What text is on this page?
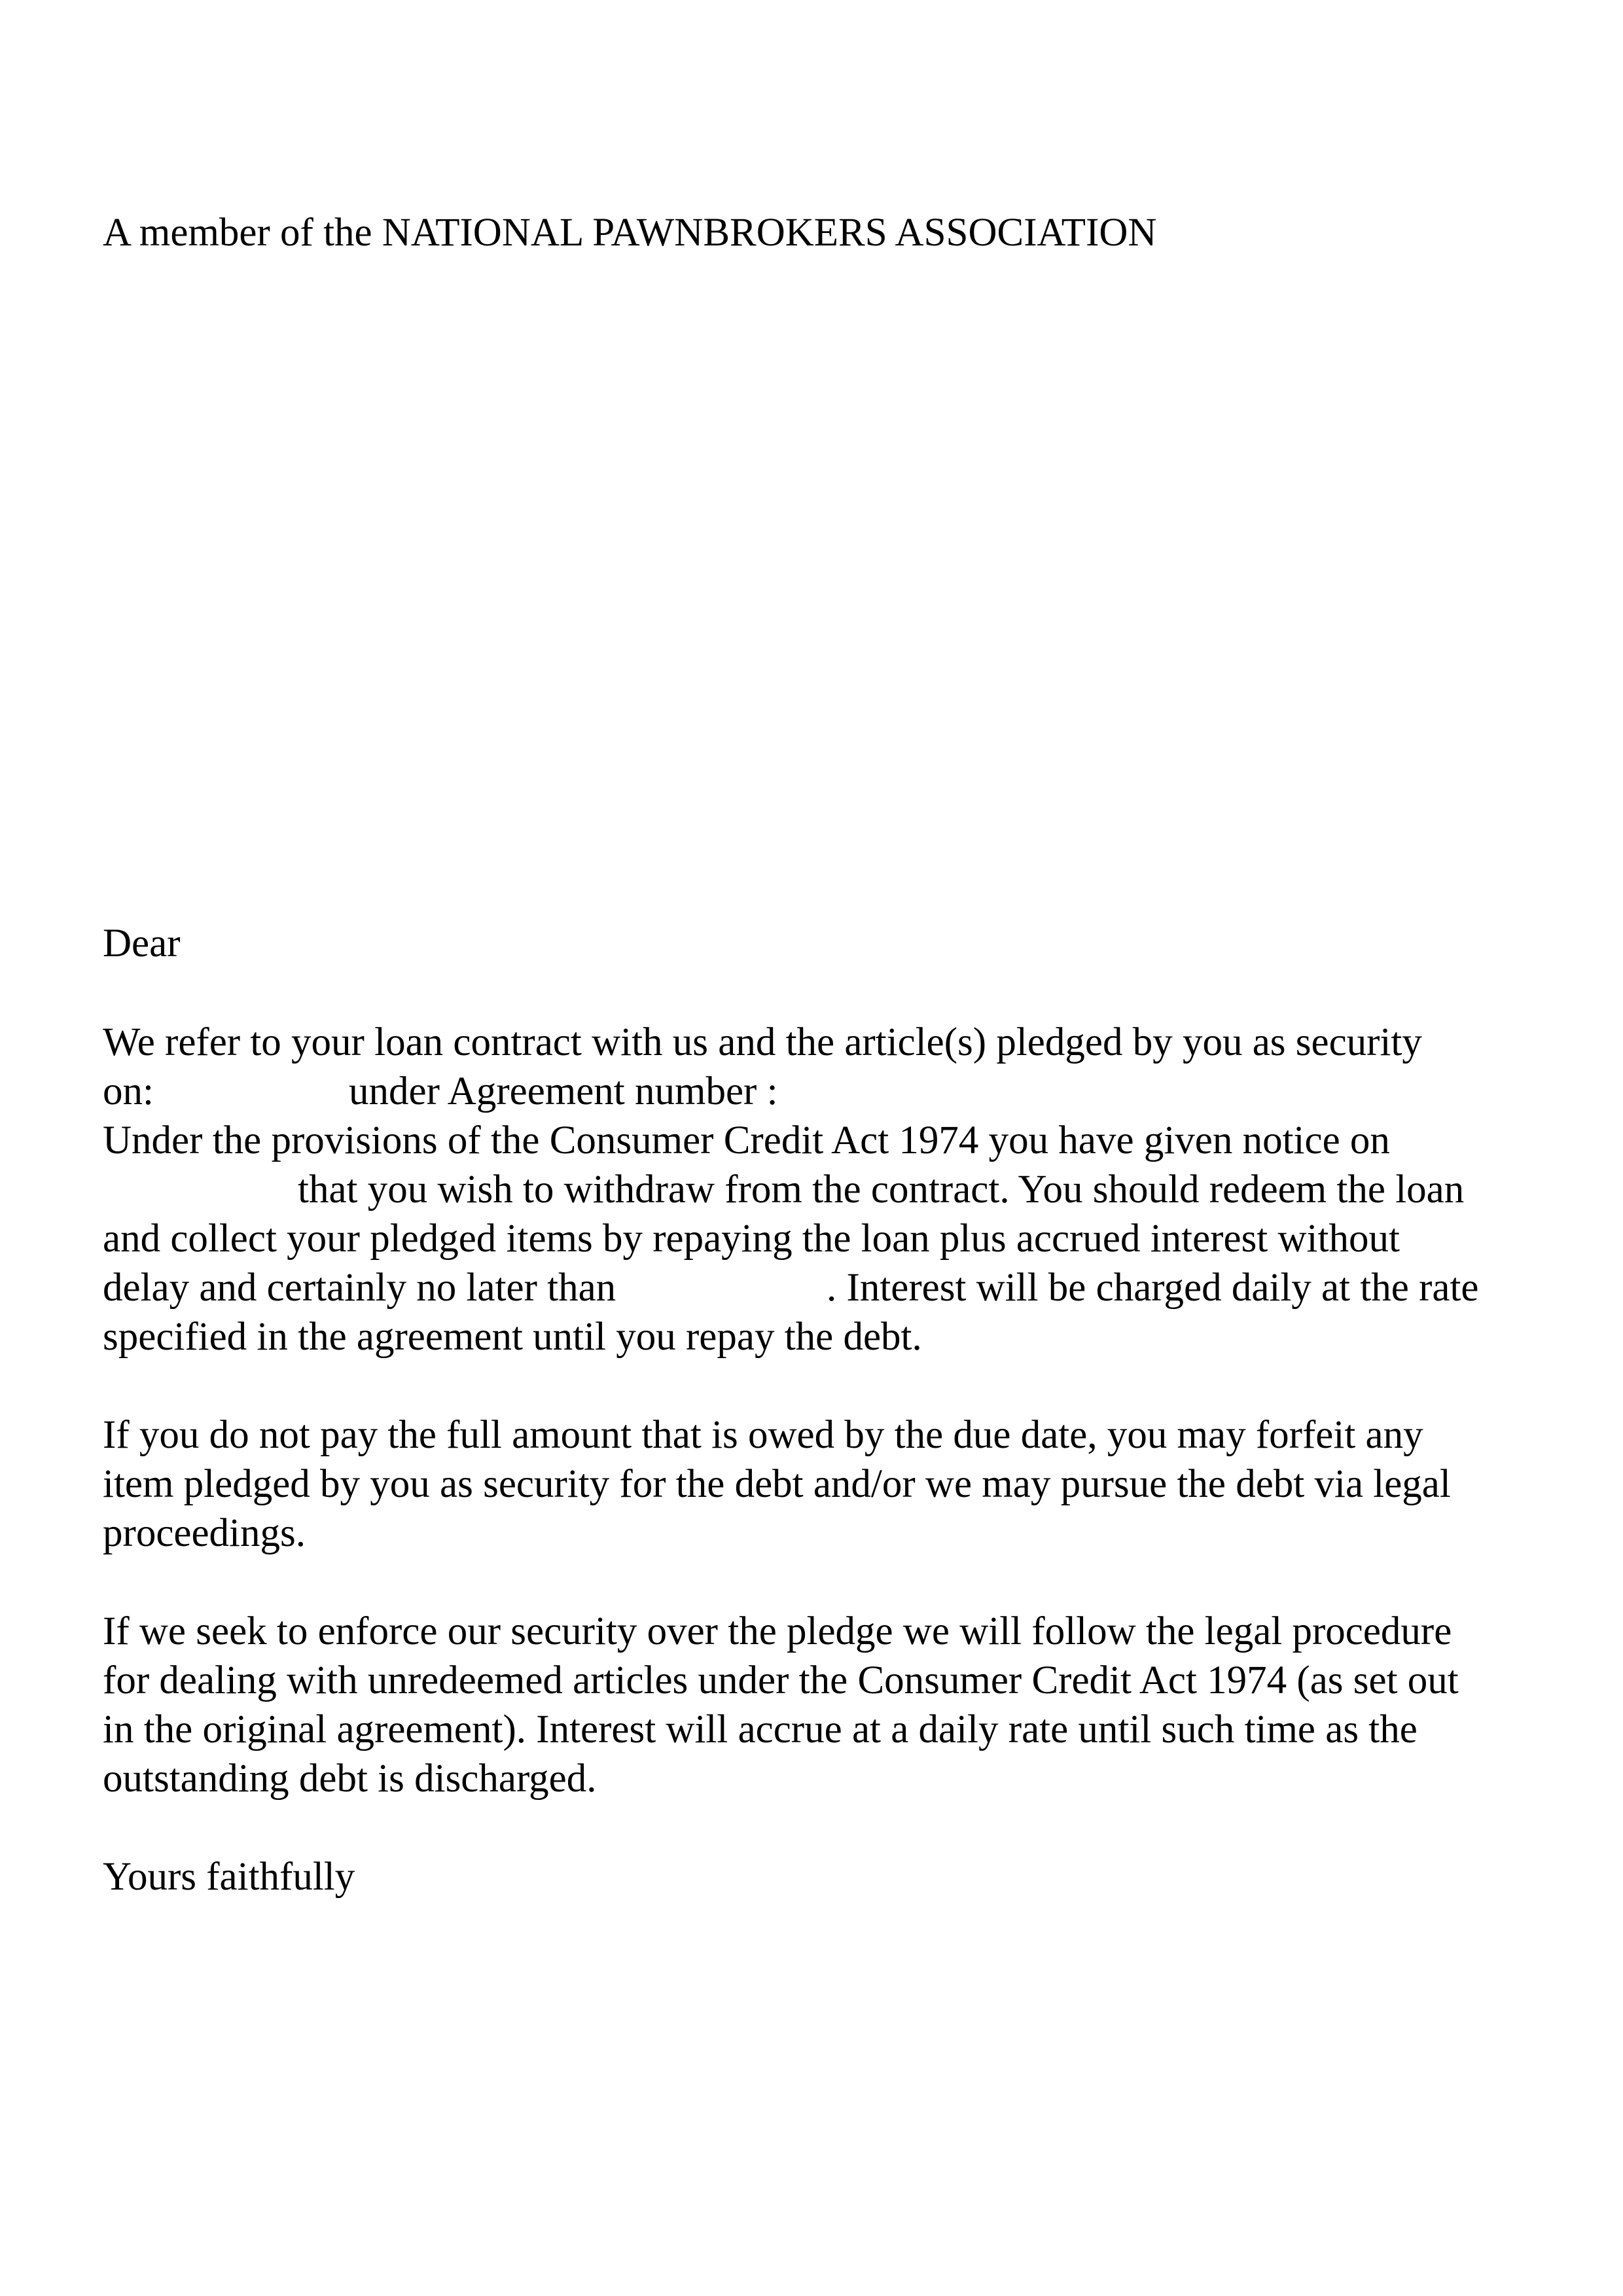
A member of the NATIONAL PAWNBROKERS ASSOCIATION
Dear
We refer to your loan contract with us and the article(s) pledged by you as security
on:	under Agreement number :
Under the provisions of the Consumer Credit Act 1974 you have given notice on
that you wish to withdraw from the contract. You should redeem the loan
and collect your pledged items by repaying the loan plus accrued interest without
delay and certainly no later than	. Interest will be charged daily at the rate
specified in the agreement until you repay the debt.
If you do not pay the full amount that is owed by the due date, you may forfeit any
item pledged by you as security for the debt and/or we may pursue the debt via legal
proceedings.
If we seek to enforce our security over the pledge we will follow the legal procedure
for dealing with unredeemed articles under the Consumer Credit Act 1974 (as set out
in the original agreement). Interest will accrue at a daily rate until such time as the
outstanding debt is discharged.
Yours faithfully
